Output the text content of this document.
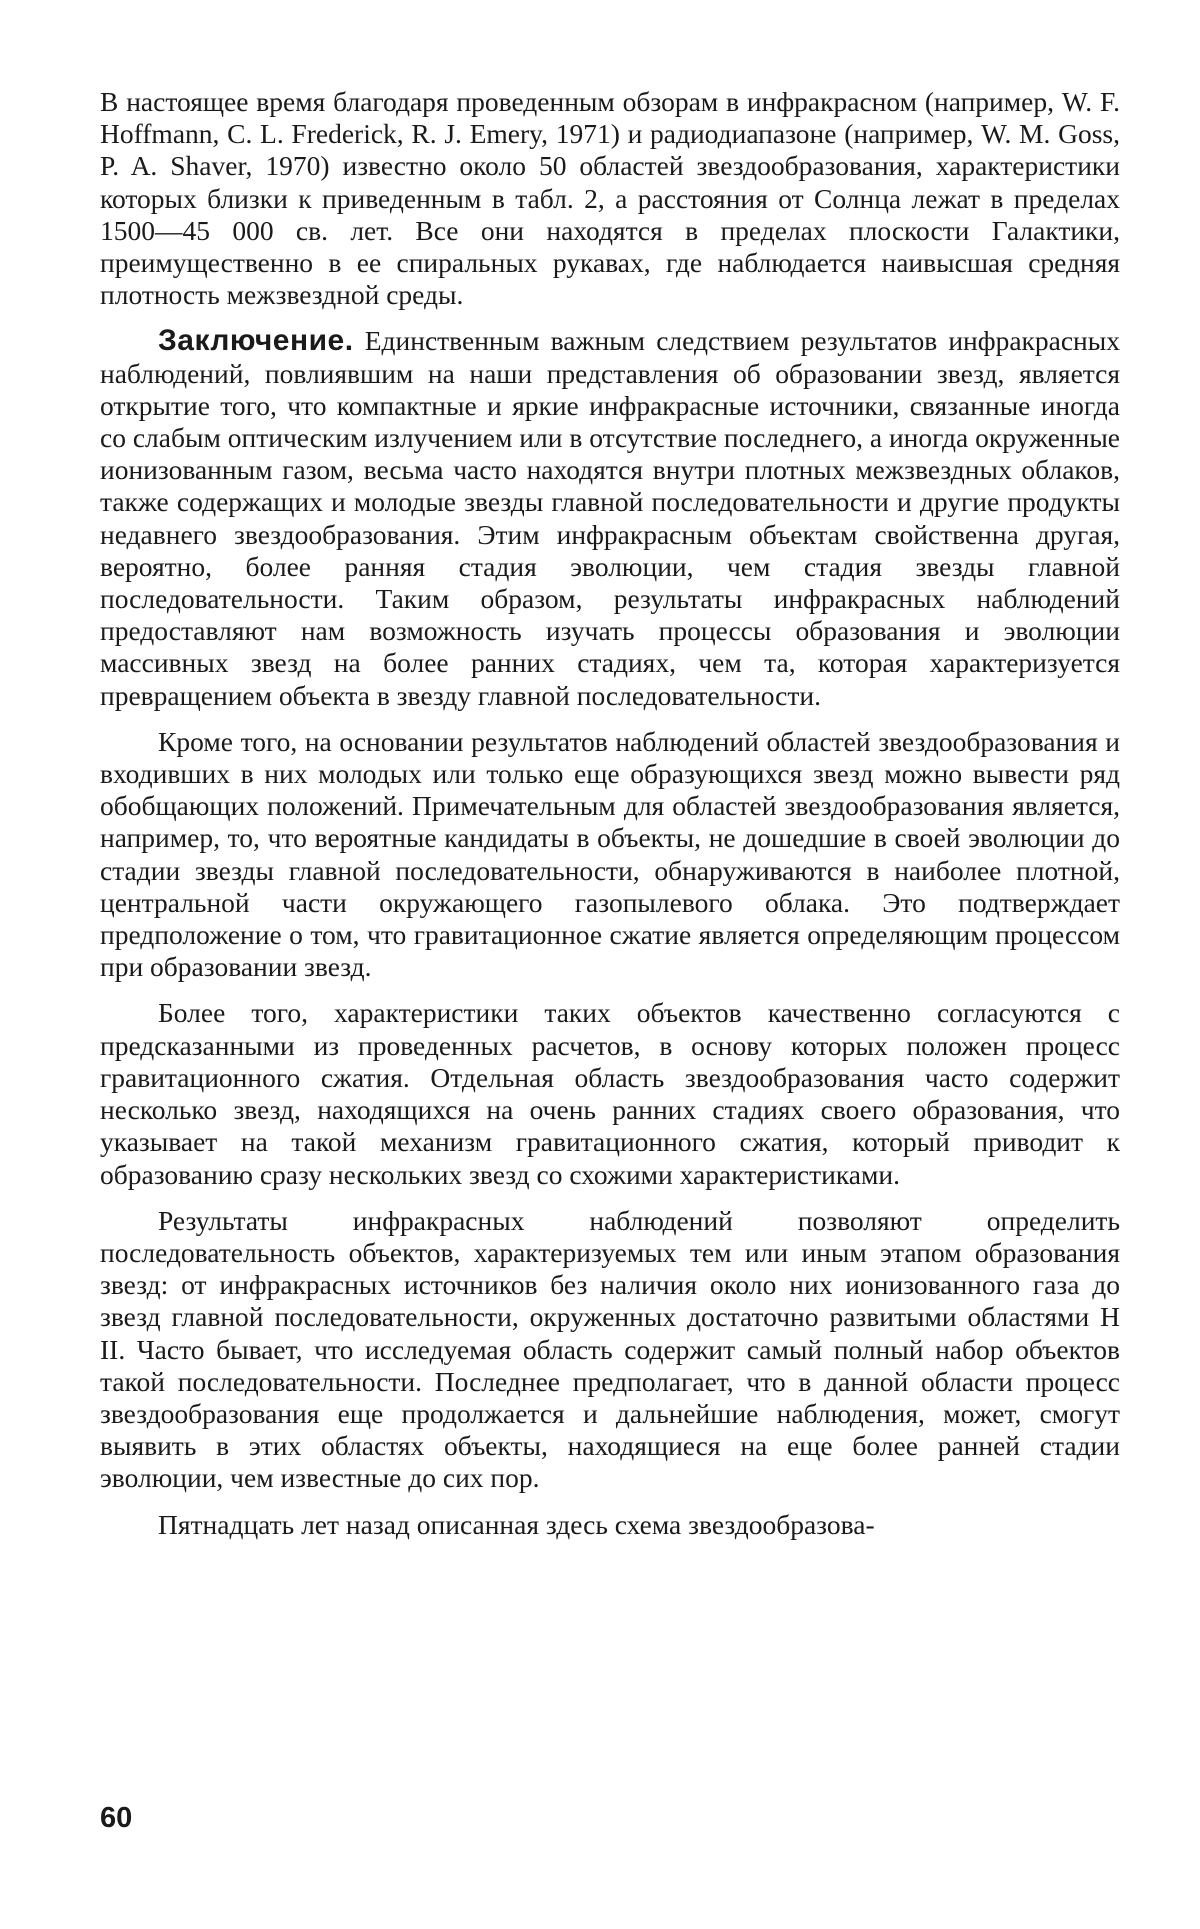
В настоящее время благодаря проведенным обзорам в инфракрасном (например, W. F. Hoffmann, C. L. Frederick, R. J. Emery, 1971) и радиодиапазоне (например, W. M. Goss, P. A. Shaver, 1970) известно около 50 областей звездообразования, характеристики которых близки к приведенным в табл. 2, а расстояния от Солнца лежат в пределах 1500—45 000 св. лет. Все они находятся в пределах плоскости Галактики, преимущественно в ее спиральных рукавах, где наблюдается наивысшая средняя плотность межзвездной среды.

Заключение. Единственным важным следствием результатов инфракрасных наблюдений, повлиявшим на наши представления об образовании звезд, является открытие того, что компактные и яркие инфракрасные источники, связанные иногда со слабым оптическим излучением или в отсутствие последнего, а иногда окруженные ионизованным газом, весьма часто находятся внутри плотных межзвездных облаков, также содержащих и молодые звезды главной последовательности и другие продукты недавнего звездообразования. Этим инфракрасным объектам свойственна другая, вероятно, более ранняя стадия эволюции, чем стадия звезды главной последовательности. Таким образом, результаты инфракрасных наблюдений предоставляют нам возможность изучать процессы образования и эволюции массивных звезд на более ранних стадиях, чем та, которая характеризуется превращением объекта в звезду главной последовательности.

Кроме того, на основании результатов наблюдений областей звездообразования и входивших в них молодых или только еще образующихся звезд можно вывести ряд обобщающих положений. Примечательным для областей звездообразования является, например, то, что вероятные кандидаты в объекты, не дошедшие в своей эволюции до стадии звезды главной последовательности, обнаруживаются в наиболее плотной, центральной части окружающего газопылевого облака. Это подтверждает предположение о том, что гравитационное сжатие является определяющим процессом при образовании звезд.

Более того, характеристики таких объектов качественно согласуются с предсказанными из проведенных расчетов, в основу которых положен процесс гравитационного сжатия. Отдельная область звездообразования часто содержит несколько звезд, находящихся на очень ранних стадиях своего образования, что указывает на такой механизм гравитационного сжатия, который приводит к образованию сразу нескольких звезд со схожими характеристиками.

Результаты инфракрасных наблюдений позволяют определить последовательность объектов, характеризуемых тем или иным этапом образования звезд: от инфракрасных источников без наличия около них ионизованного газа до звезд главной последовательности, окруженных достаточно развитыми областями H II. Часто бывает, что исследуемая область содержит самый полный набор объектов такой последовательности. Последнее предполагает, что в данной области процесс звездообразования еще продолжается и дальнейшие наблюдения, может, смогут выявить в этих областях объекты, находящиеся на еще более ранней стадии эволюции, чем известные до сих пор.

Пятнадцать лет назад описанная здесь схема звездообразова-

60
